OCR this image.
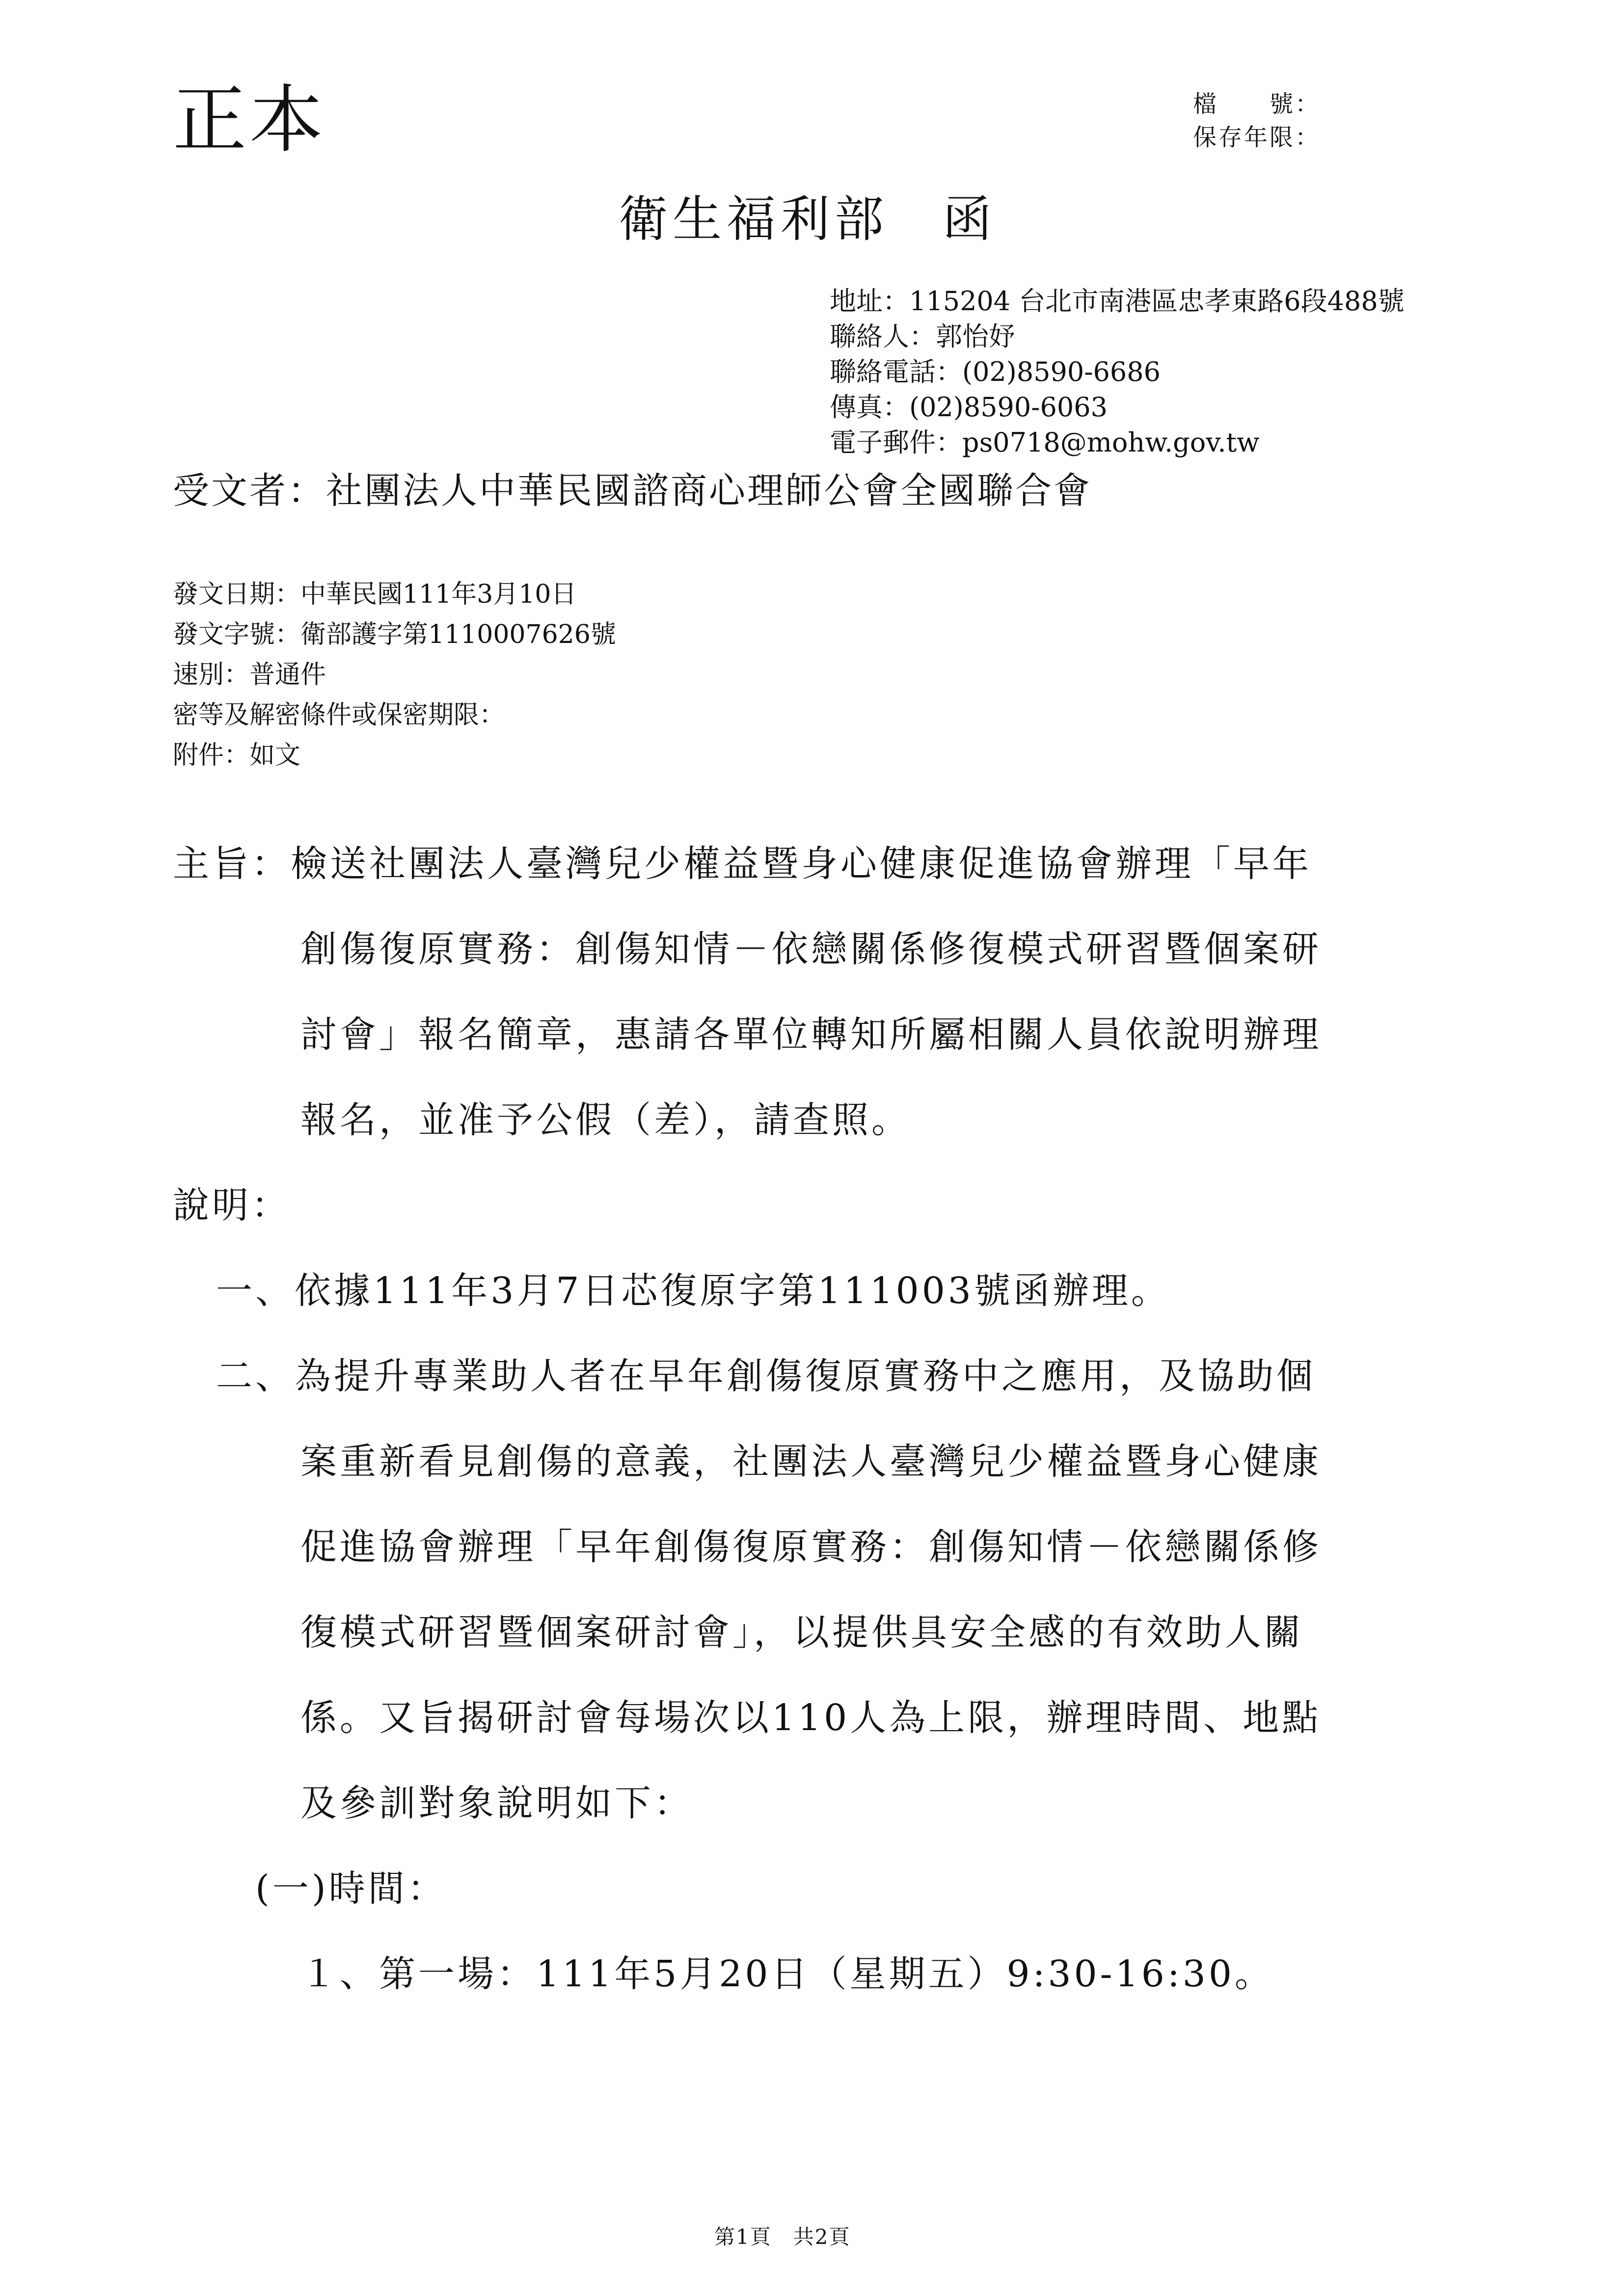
正本	檔　　號：
保存年限：
衛生福利部　函
地址：115204 台北市南港區忠孝東路6段488號
聯絡人：郭怡妤
聯絡電話：(02)8590-6686
傳真：(02)8590-6063
電子郵件：ps0718@mohw.gov.tw
受文者：社團法人中華民國諮商心理師公會全國聯合會
發文日期：中華民國111年3月10日
發文字號：衛部護字第1110007626號
速別：普通件
密等及解密條件或保密期限：
附件：如文
主旨：檢送社團法人臺灣兒少權益暨身心健康促進協會辦理「早年
創傷復原實務：創傷知情－依戀關係修復模式研習暨個案研
討會」報名簡章，惠請各單位轉知所屬相關人員依說明辦理
報名，並准予公假（差），請查照。
說明：
一、依據111年3月7日芯復原字第111003號函辦理。
二、為提升專業助人者在早年創傷復原實務中之應用，及協助個
案重新看見創傷的意義，社團法人臺灣兒少權益暨身心健康
促進協會辦理「早年創傷復原實務：創傷知情－依戀關係修
復模式研習暨個案研討會」，以提供具安全感的有效助人關
係。又旨揭研討會每場次以110人為上限，辦理時間、地點
及參訓對象說明如下：
(一)時間：
１、第一場：111年5月20日（星期五）9:30-16:30。
第1頁　共2頁
